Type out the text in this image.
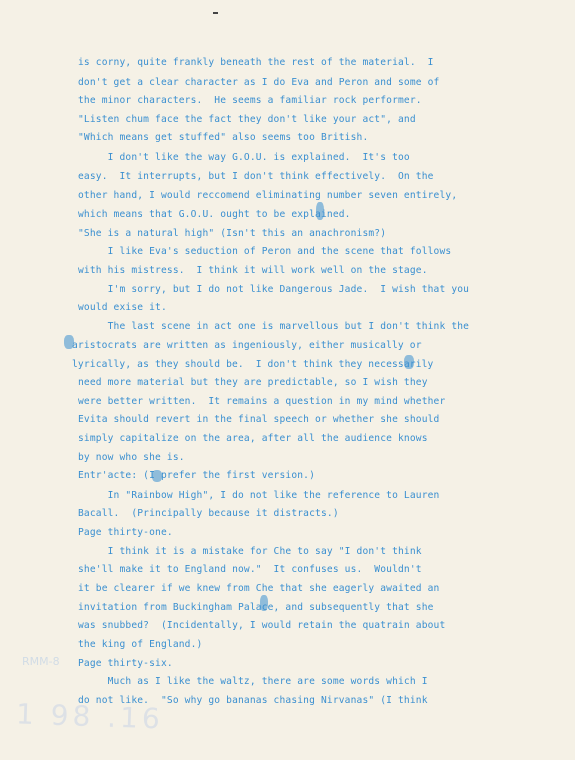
RMM-8
1 98 .16
is corny, quite frankly beneath the rest of the material.  I
don't get a clear character as I do Eva and Peron and some of
the minor characters.  He seems a familiar rock performer.
"Listen chum face the fact they don't like your act", and
"Which means get stuffed" also seems too British.
I don't like the way G.O.U. is explained.  It's too
easy.  It interrupts, but I don't think effectively.  On the
other hand, I would reccomend eliminating number seven entirely,
which means that G.O.U. ought to be explained.
"She is a natural high" (Isn't this an anachronism?)
I like Eva's seduction of Peron and the scene that follows
with his mistress.  I think it will work well on the stage.
I'm sorry, but I do not like Dangerous Jade.  I wish that you
would exise it.
The last scene in act one is marvellous but I don't think the
aristocrats are written as ingeniously, either musically or
lyrically, as they should be.  I don't think they necessarily
need more material but they are predictable, so I wish they
were better written.  It remains a question in my mind whether
Evita should revert in the final speech or whether she should
simply capitalize on the area, after all the audience knows
by now who she is.
Entr'acte: (I prefer the first version.)
In "Rainbow High", I do not like the reference to Lauren
Bacall.  (Principally because it distracts.)
Page thirty-one.
I think it is a mistake for Che to say "I don't think
she'll make it to England now."  It confuses us.  Wouldn't
it be clearer if we knew from Che that she eagerly awaited an
invitation from Buckingham Palace, and subsequently that she
was snubbed?  (Incidentally, I would retain the quatrain about
the king of England.)
Page thirty-six.
Much as I like the waltz, there are some words which I
do not like.  "So why go bananas chasing Nirvanas" (I think
